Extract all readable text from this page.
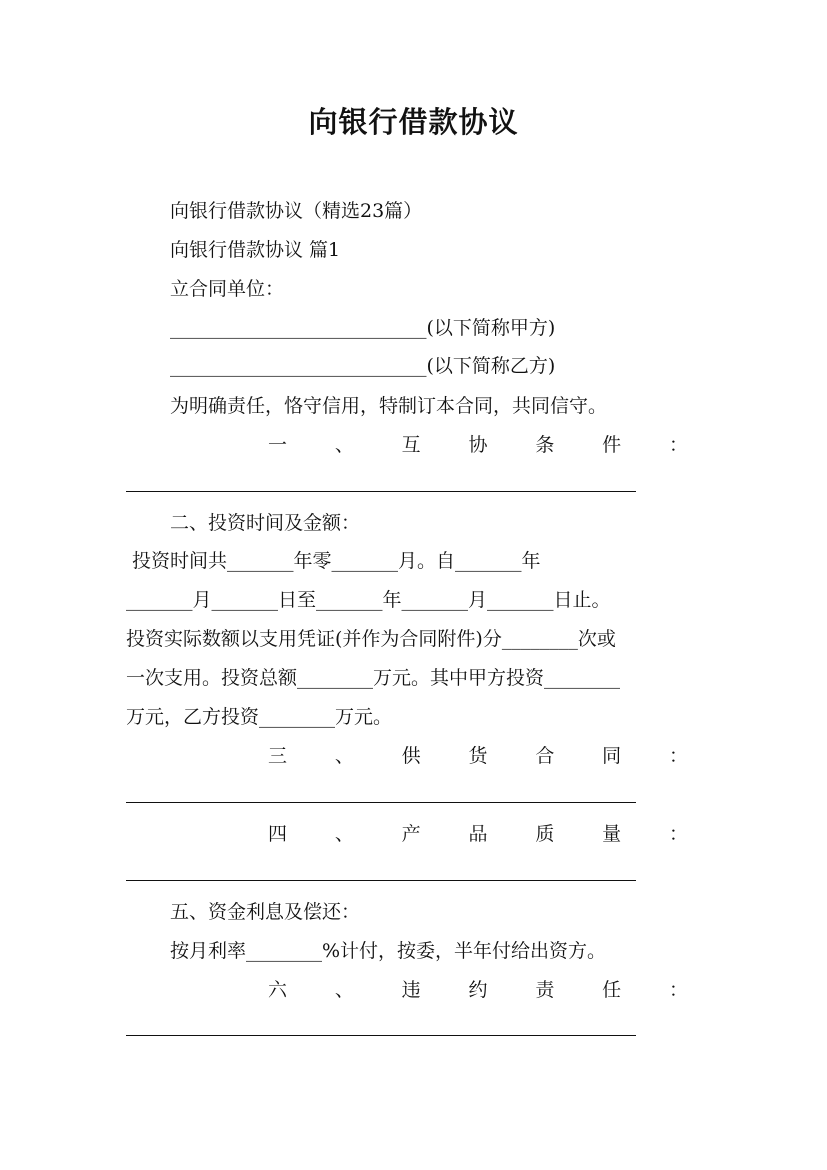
向银行借款协议
向银行借款协议（精选23篇）
向银行借款协议 篇1
立合同单位：
___________________________(以下简称甲方)
___________________________(以下简称乙方)
为明确责任，恪守信用，特制订本合同，共同信守。
一	、	互	协	条	件	：
二、投资时间及金额：
投资时间共_______年零_______月。自_______年
_______月_______日至_______年_______月_______日止。
投资实际数额以支用凭证(并作为合同附件)分________次或
一次支用。投资总额________万元。其中甲方投资________
万元，乙方投资________万元。
三	、	供	货	合	同	：
四	、	产	品	质	量	：
五、资金利息及偿还：
按月利率________%计付，按委，半年付给出资方。
六	、	违	约	责	任	：
